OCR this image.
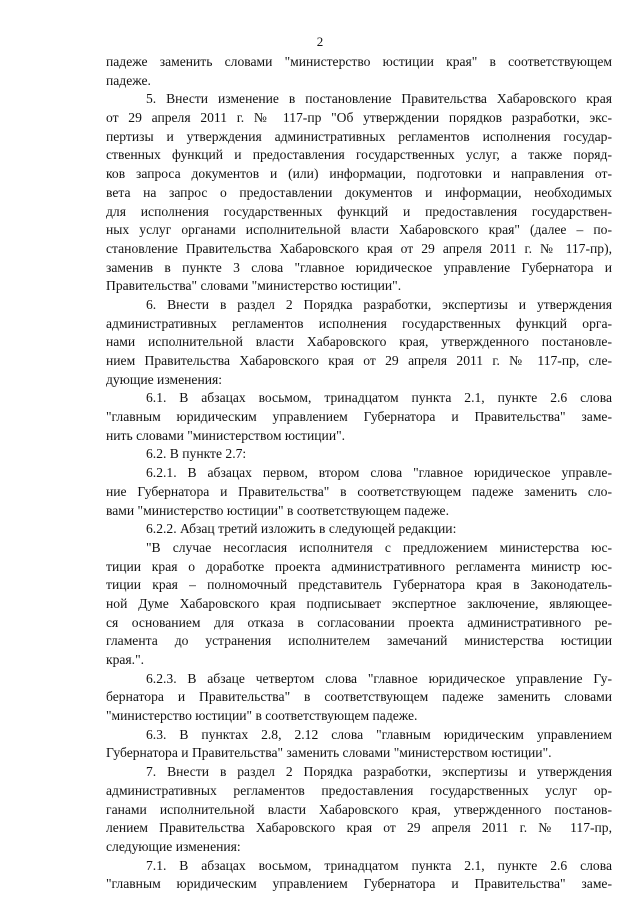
2
падеже заменить словами "министерство юстиции края" в соответствующем
падеже.
5. Внести изменение в постановление Правительства Хабаровского края
от 29 апреля 2011 г. № 117-пр "Об утверждении порядков разработки, экс-
пертизы и утверждения административных регламентов исполнения государ-
ственных функций и предоставления государственных услуг, а также поряд-
ков запроса документов и (или) информации, подготовки и направления от-
вета на запрос о предоставлении документов и информации, необходимых
для исполнения государственных функций и предоставления государствен-
ных услуг органами исполнительной власти Хабаровского края" (далее – по-
становление Правительства Хабаровского края от 29 апреля 2011 г. № 117-пр),
заменив в пункте 3 слова "главное юридическое управление Губернатора и
Правительства" словами "министерство юстиции".
6. Внести в раздел 2 Порядка разработки, экспертизы и утверждения
административных регламентов исполнения государственных функций орга-
нами исполнительной власти Хабаровского края, утвержденного постановле-
нием Правительства Хабаровского края от 29 апреля 2011 г. № 117-пр, сле-
дующие изменения:
6.1. В абзацах восьмом, тринадцатом пункта 2.1, пункте 2.6 слова
"главным юридическим управлением Губернатора и Правительства" заме-
нить словами "министерством юстиции".
6.2. В пункте 2.7:
6.2.1. В абзацах первом, втором слова "главное юридическое управле-
ние Губернатора и Правительства" в соответствующем падеже заменить сло-
вами "министерство юстиции" в соответствующем падеже.
6.2.2. Абзац третий изложить в следующей редакции:
"В случае несогласия исполнителя с предложением министерства юс-
тиции края о доработке проекта административного регламента министр юс-
тиции края – полномочный представитель Губернатора края в Законодатель-
ной Думе Хабаровского края подписывает экспертное заключение, являющее-
ся основанием для отказа в согласовании проекта административного ре-
гламента до устранения исполнителем замечаний министерства юстиции
края.".
6.2.3. В абзаце четвертом слова "главное юридическое управление Гу-
бернатора и Правительства" в соответствующем падеже заменить словами
"министерство юстиции" в соответствующем падеже.
6.3. В пунктах 2.8, 2.12 слова "главным юридическим управлением
Губернатора и Правительства" заменить словами "министерством юстиции".
7. Внести в раздел 2 Порядка разработки, экспертизы и утверждения
административных регламентов предоставления государственных услуг ор-
ганами исполнительной власти Хабаровского края, утвержденного постанов-
лением Правительства Хабаровского края от 29 апреля 2011 г. № 117-пр,
следующие изменения:
7.1. В абзацах восьмом, тринадцатом пункта 2.1, пункте 2.6 слова
"главным юридическим управлением Губернатора и Правительства" заме-
